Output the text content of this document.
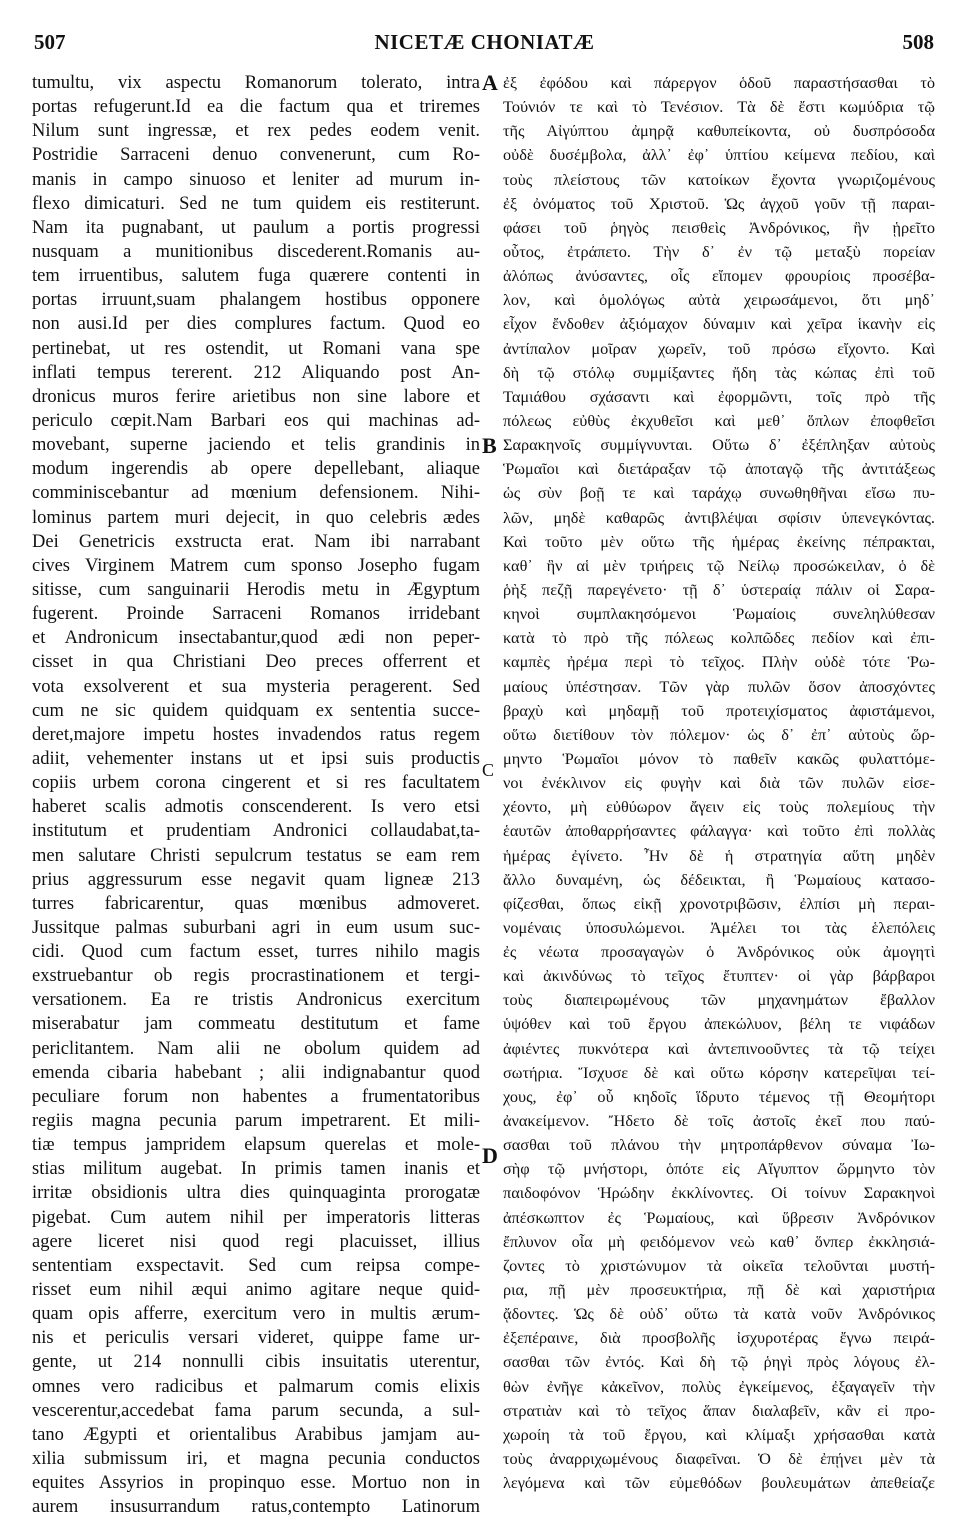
507	NICETÆ CHONIATÆ	508
tumultu, vix aspectu Romanorum tolerato, intra
portas refugerunt.Id ea die factum qua et triremes
Nilum sunt ingressæ, et rex pedes eodem venit.
Postridie Sarraceni denuo convenerunt, cum Ro-
manis in campo sinuoso et leniter ad murum in-
flexo dimicaturi. Sed ne tum quidem eis restiterunt.
Nam ita pugnabant, ut paulum a portis progressi
nusquam a munitionibus discederent.Romanis au-
tem irruentibus, salutem fuga quærere contenti in
portas irruunt,suam phalangem hostibus opponere
non ausi.Id per dies complures factum. Quod eo
pertinebat, ut res ostendit, ut Romani vana spe
inflati tempus tererent. 212 Aliquando post An-
dronicus muros ferire arietibus non sine labore et
periculo cœpit.Nam Barbari eos qui machinas ad-
movebant, superne jaciendo et telis grandinis in
modum ingerendis ab opere depellebant, aliaque
comminiscebantur ad mœnium defensionem. Nihi-
lominus partem muri dejecit, in quo celebris ædes
Dei Genetricis exstructa erat. Nam ibi narrabant
cives Virginem Matrem cum sponso Josepho fugam
sitisse, cum sanguinarii Herodis metu in Ægyptum
fugerent. Proinde Sarraceni Romanos irridebant
et Andronicum insectabantur,quod ædi non peper-
cisset in qua Christiani Deo preces offerrent et
vota exsolverent et sua mysteria peragerent. Sed
cum ne sic quidem quidquam ex sententia succe-
deret,majore impetu hostes invadendos ratus regem
adiit, vehementer instans ut et ipsi suis productis
copiis urbem corona cingerent et si res facultatem
haberet scalis admotis conscenderent. Is vero etsi
institutum et prudentiam Andronici collaudabat,ta-
men salutare Christi sepulcrum testatus se eam rem
prius aggressurum esse negavit quam ligneæ 213
turres fabricarentur, quas mœnibus admoveret.
Jussitque palmas suburbani agri in eum usum suc-
cidi. Quod cum factum esset, turres nihilo magis
exstruebantur ob regis procrastinationem et tergi-
versationem. Ea re tristis Andronicus exercitum
miserabatur jam commeatu destitutum et fame
periclitantem. Nam alii ne obolum quidem ad
emenda cibaria habebant ; alii indignabantur quod
peculiare forum non habentes a frumentatoribus
regiis magna pecunia parum impetrarent. Et mili-
tiæ tempus jampridem elapsum querelas et mole-
stias militum augebat. In primis tamen inanis et
irritæ obsidionis ultra dies quinquaginta prorogatæ
pigebat. Cum autem nihil per imperatoris litteras
agere liceret nisi quod regi placuisset, illius
sententiam exspectavit. Sed cum reipsa compe-
risset eum nihil æqui animo agitare neque quid-
quam opis afferre, exercitum vero in multis ærum-
nis et periculis versari videret, quippe fame ur-
gente, ut 214 nonnulli cibis insuitatis uterentur,
omnes vero radicibus et palmarum comis elixis
vescerentur,accedebat fama parum secunda, a sul-
tano Ægypti et orientalibus Arabibus jamjam au-
xilia submissum iri, et magna pecunia conductos
equites Assyrios in propinquo esse. Mortuo non in
aurem insusurrandum ratus,contempto Latinorum
ἐξ ἐφόδου καὶ πάρεργον ὁδοῦ παραστήσασθαι τὸ
Τούνιόν τε καὶ τὸ Τενέσιον. Τὰ δὲ ἔστι κωμύδρια τῷ
τῆς Αἰγύπτου ἀμηρᾷ καθυπείκοντα, οὐ δυσπρόσοδα
οὐδὲ δυσέμβολα, ἀλλ᾽ ἐφ᾽ ὑπτίου κείμενα πεδίου, καὶ
τοὺς πλείστους τῶν κατοίκων ἔχοντα γνωριζομένους
ἐξ ὀνόματος τοῦ Χριστοῦ. Ὡς ἀγχοῦ γοῦν τῇ παραι-
φάσει τοῦ ῥηγὸς πεισθεὶς Ἀνδρόνικος, ἣν ᾑρεῖτο
οὗτος, ἐτράπετο. Τὴν δ᾽ ἐν τῷ μεταξὺ πορείαν
ἀλόπως ἀνύσαντες, οἷς εἴπομεν φρουρίοις προσέβα-
λον, καὶ ὁμολόγως αὐτὰ χειρωσάμενοι, ὅτι μηδ᾽
εἶχον ἔνδοθεν ἀξιόμαχον δύναμιν καὶ χεῖρα ἱκανὴν εἰς
ἀντίπαλον μοῖραν χωρεῖν, τοῦ πρόσω εἴχοντο. Καὶ
δὴ τῷ στόλῳ συμμίξαντες ἤδη τὰς κώπας ἐπὶ τοῦ
Ταμιάθου σχάσαντι καὶ ἐφορμῶντι, τοῖς πρὸ τῆς
πόλεως εὐθὺς ἐκχυθεῖσι καὶ μεθ᾽ ὅπλων ἐποφθεῖσι
Σαρακηνοῖς συμμίγνυνται. Οὕτω δ᾽ ἐξέπληξαν αὐτοὺς
Ῥωμαῖοι καὶ διετάραξαν τῷ ἀποταγῷ τῆς ἀντιτάξεως
ὡς σὺν βοῇ τε καὶ ταράχῳ συνωθηθῆναι εἴσω πυ-
λῶν, μηδὲ καθαρῶς ἀντιβλέψαι σφίσιν ὑπενεγκόντας.
Καὶ τοῦτο μὲν οὕτω τῆς ἡμέρας ἐκείνης πέπρακται,
καθ᾽ ἣν αἱ μὲν τριήρεις τῷ Νείλῳ προσώκειλαν, ὁ δὲ
ῥὴξ πεζῇ παρεγένετο· τῇ δ᾽ ὑστεραίᾳ πάλιν οἱ Σαρα-
κηνοὶ συμπλακησόμενοι Ῥωμαίοις συνεληλύθεσαν
κατὰ τὸ πρὸ τῆς πόλεως κολπῶδες πεδίον καὶ ἐπι-
καμπὲς ἠρέμα περὶ τὸ τεῖχος. Πλὴν οὐδὲ τότε Ῥω-
μαίους ὑπέστησαν. Τῶν γὰρ πυλῶν ὅσον ἀποσχόντες
βραχὺ καὶ μηδαμῇ τοῦ προτειχίσματος ἀφιστάμενοι,
οὕτω διετίθουν τὸν πόλεμον· ὡς δ᾽ ἐπ᾽ αὐτοὺς ὥρ-
μηντο Ῥωμαῖοι μόνον τὸ παθεῖν κακῶς φυλαττόμε-
νοι ἐνέκλινον εἰς φυγὴν καὶ διὰ τῶν πυλῶν εἰσε-
χέοντο, μὴ εὐθύωρον ἄγειν εἰς τοὺς πολεμίους τὴν
ἑαυτῶν ἀποθαρρήσαντες φάλαγγα· καὶ τοῦτο ἐπὶ πολλὰς
ἡμέρας ἐγίνετο. Ἦν δὲ ἡ στρατηγία αὕτη μηδὲν
ἄλλο δυναμένη, ὡς δέδεικται, ἢ Ῥωμαίους κατασο-
φίζεσθαι, ὅπως εἰκῇ χρονοτριβῶσιν, ἐλπίσι μὴ περαι-
νομέναις ὑποσυλώμενοι. Ἀμέλει τοι τὰς ἑλεπόλεις
ἐς νέωτα προσαγαγὼν ὁ Ἀνδρόνικος οὐκ ἀμογητὶ
καὶ ἀκινδύνως τὸ τεῖχος ἔτυπτεν· οἱ γὰρ βάρβαροι
τοὺς διαπειρωμένους τῶν μηχανημάτων ἔβαλλον
ὑψόθεν καὶ τοῦ ἔργου ἀπεκώλυον, βέλη τε νιφάδων
ἀφιέντες πυκνότερα καὶ ἀντεπινοοῦντες τὰ τῷ τείχει
σωτήρια. Ἴσχυσε δὲ καὶ οὕτω κόρσην κατερεῖψαι τεί-
χους, ἐφ᾽ οὗ κηδοῖς ἵδρυτο τέμενος τῇ Θεομήτορι
ἀνακείμενον. Ἤδετο δὲ τοῖς ἀστοῖς ἐκεῖ που παύ-
σασθαι τοῦ πλάνου τὴν μητροπάρθενον σύναμα Ἰω-
σὴφ τῷ μνήστορι, ὁπότε εἰς Αἴγυπτον ὥρμηντο τὸν
παιδοφόνον Ἡρώδην ἐκκλίνοντες. Οἱ τοίνυν Σαρακηνοὶ
ἀπέσκωπτον ἐς Ῥωμαίους, καὶ ὕβρεσιν Ἀνδρόνικον
ἔπλυνον οἷα μὴ φειδόμενον νεὼ καθ᾽ ὅνπερ ἐκκλησιά-
ζοντες τὸ χριστώνυμον τὰ οἰκεῖα τελοῦνται μυστή-
ρια, πῇ μὲν προσευκτήρια, πῇ δὲ καὶ χαριστήρια
ᾄδοντες. Ὡς δὲ οὐδ᾽ οὕτω τὰ κατὰ νοῦν Ἀνδρόνικος
ἐξεπέραινε, διὰ προσβολῆς ἰσχυροτέρας ἔγνω πειρά-
σασθαι τῶν ἐντός. Καὶ δὴ τῷ ῥηγὶ πρὸς λόγους ἐλ-
θὼν ἐνῆγε κἀκεῖνον, πολὺς ἐγκείμενος, ἐξαγαγεῖν τὴν
στρατιὰν καὶ τὸ τεῖχος ἅπαν διαλαβεῖν, κἂν εἰ προ-
χωροίη τὰ τοῦ ἔργου, καὶ κλίμαξι χρήσασθαι κατὰ
τοὺς ἀναρριχωμένους διαφεῖναι. Ὁ δὲ ἐπῄνει μὲν τὰ
λεγόμενα καὶ τῶν εὐμεθόδων βουλευμάτων ἀπεθείαζε
A
B
C
D
